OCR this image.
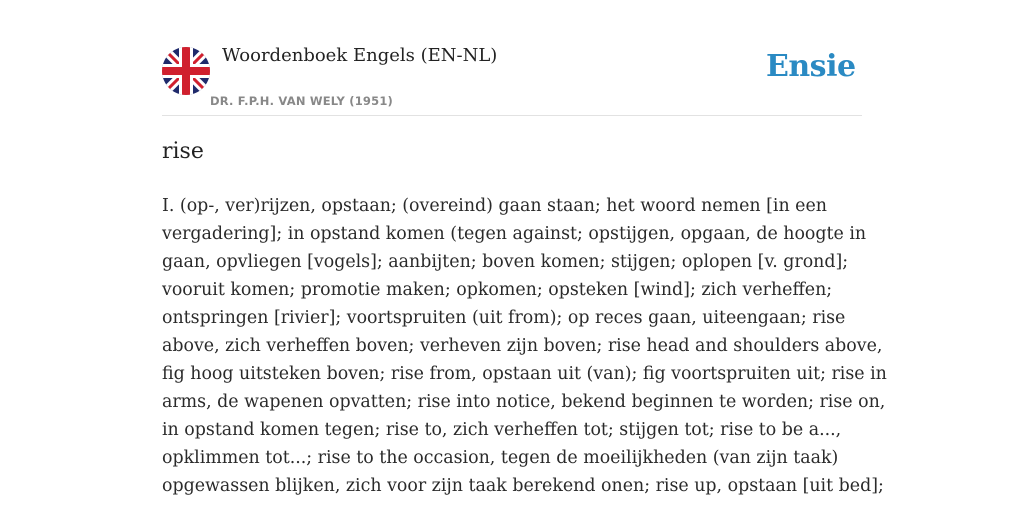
Woordenboek Engels (EN-NL)
DR. F.P.H. VAN WELY (1951)
Ensie
rise
I. (op-, ver)rijzen, opstaan; (overeind) gaan staan; het woord nemen [in een
vergadering]; in opstand komen (tegen against; opstijgen, opgaan, de hoogte in
gaan, opvliegen [vogels]; aanbijten; boven komen; stijgen; oplopen [v. grond];
vooruit komen; promotie maken; opkomen; opsteken [wind]; zich verheffen;
ontspringen [rivier]; voortspruiten (uit from); op reces gaan, uiteengaan; rise
above, zich verheffen boven; verheven zijn boven; rise head and shoulders above,
fig hoog uitsteken boven; rise from, opstaan uit (van); fig voortspruiten uit; rise in
arms, de wapenen opvatten; rise into notice, bekend beginnen te worden; rise on,
in opstand komen tegen; rise to, zich verheffen tot; stijgen tot; rise to be a...,
opklimmen tot...; rise to the occasion, tegen de moeilijkheden (van zijn taak)
opgewassen blijken, zich voor zijn taak berekend onen; rise up, opstaan [uit bed];
